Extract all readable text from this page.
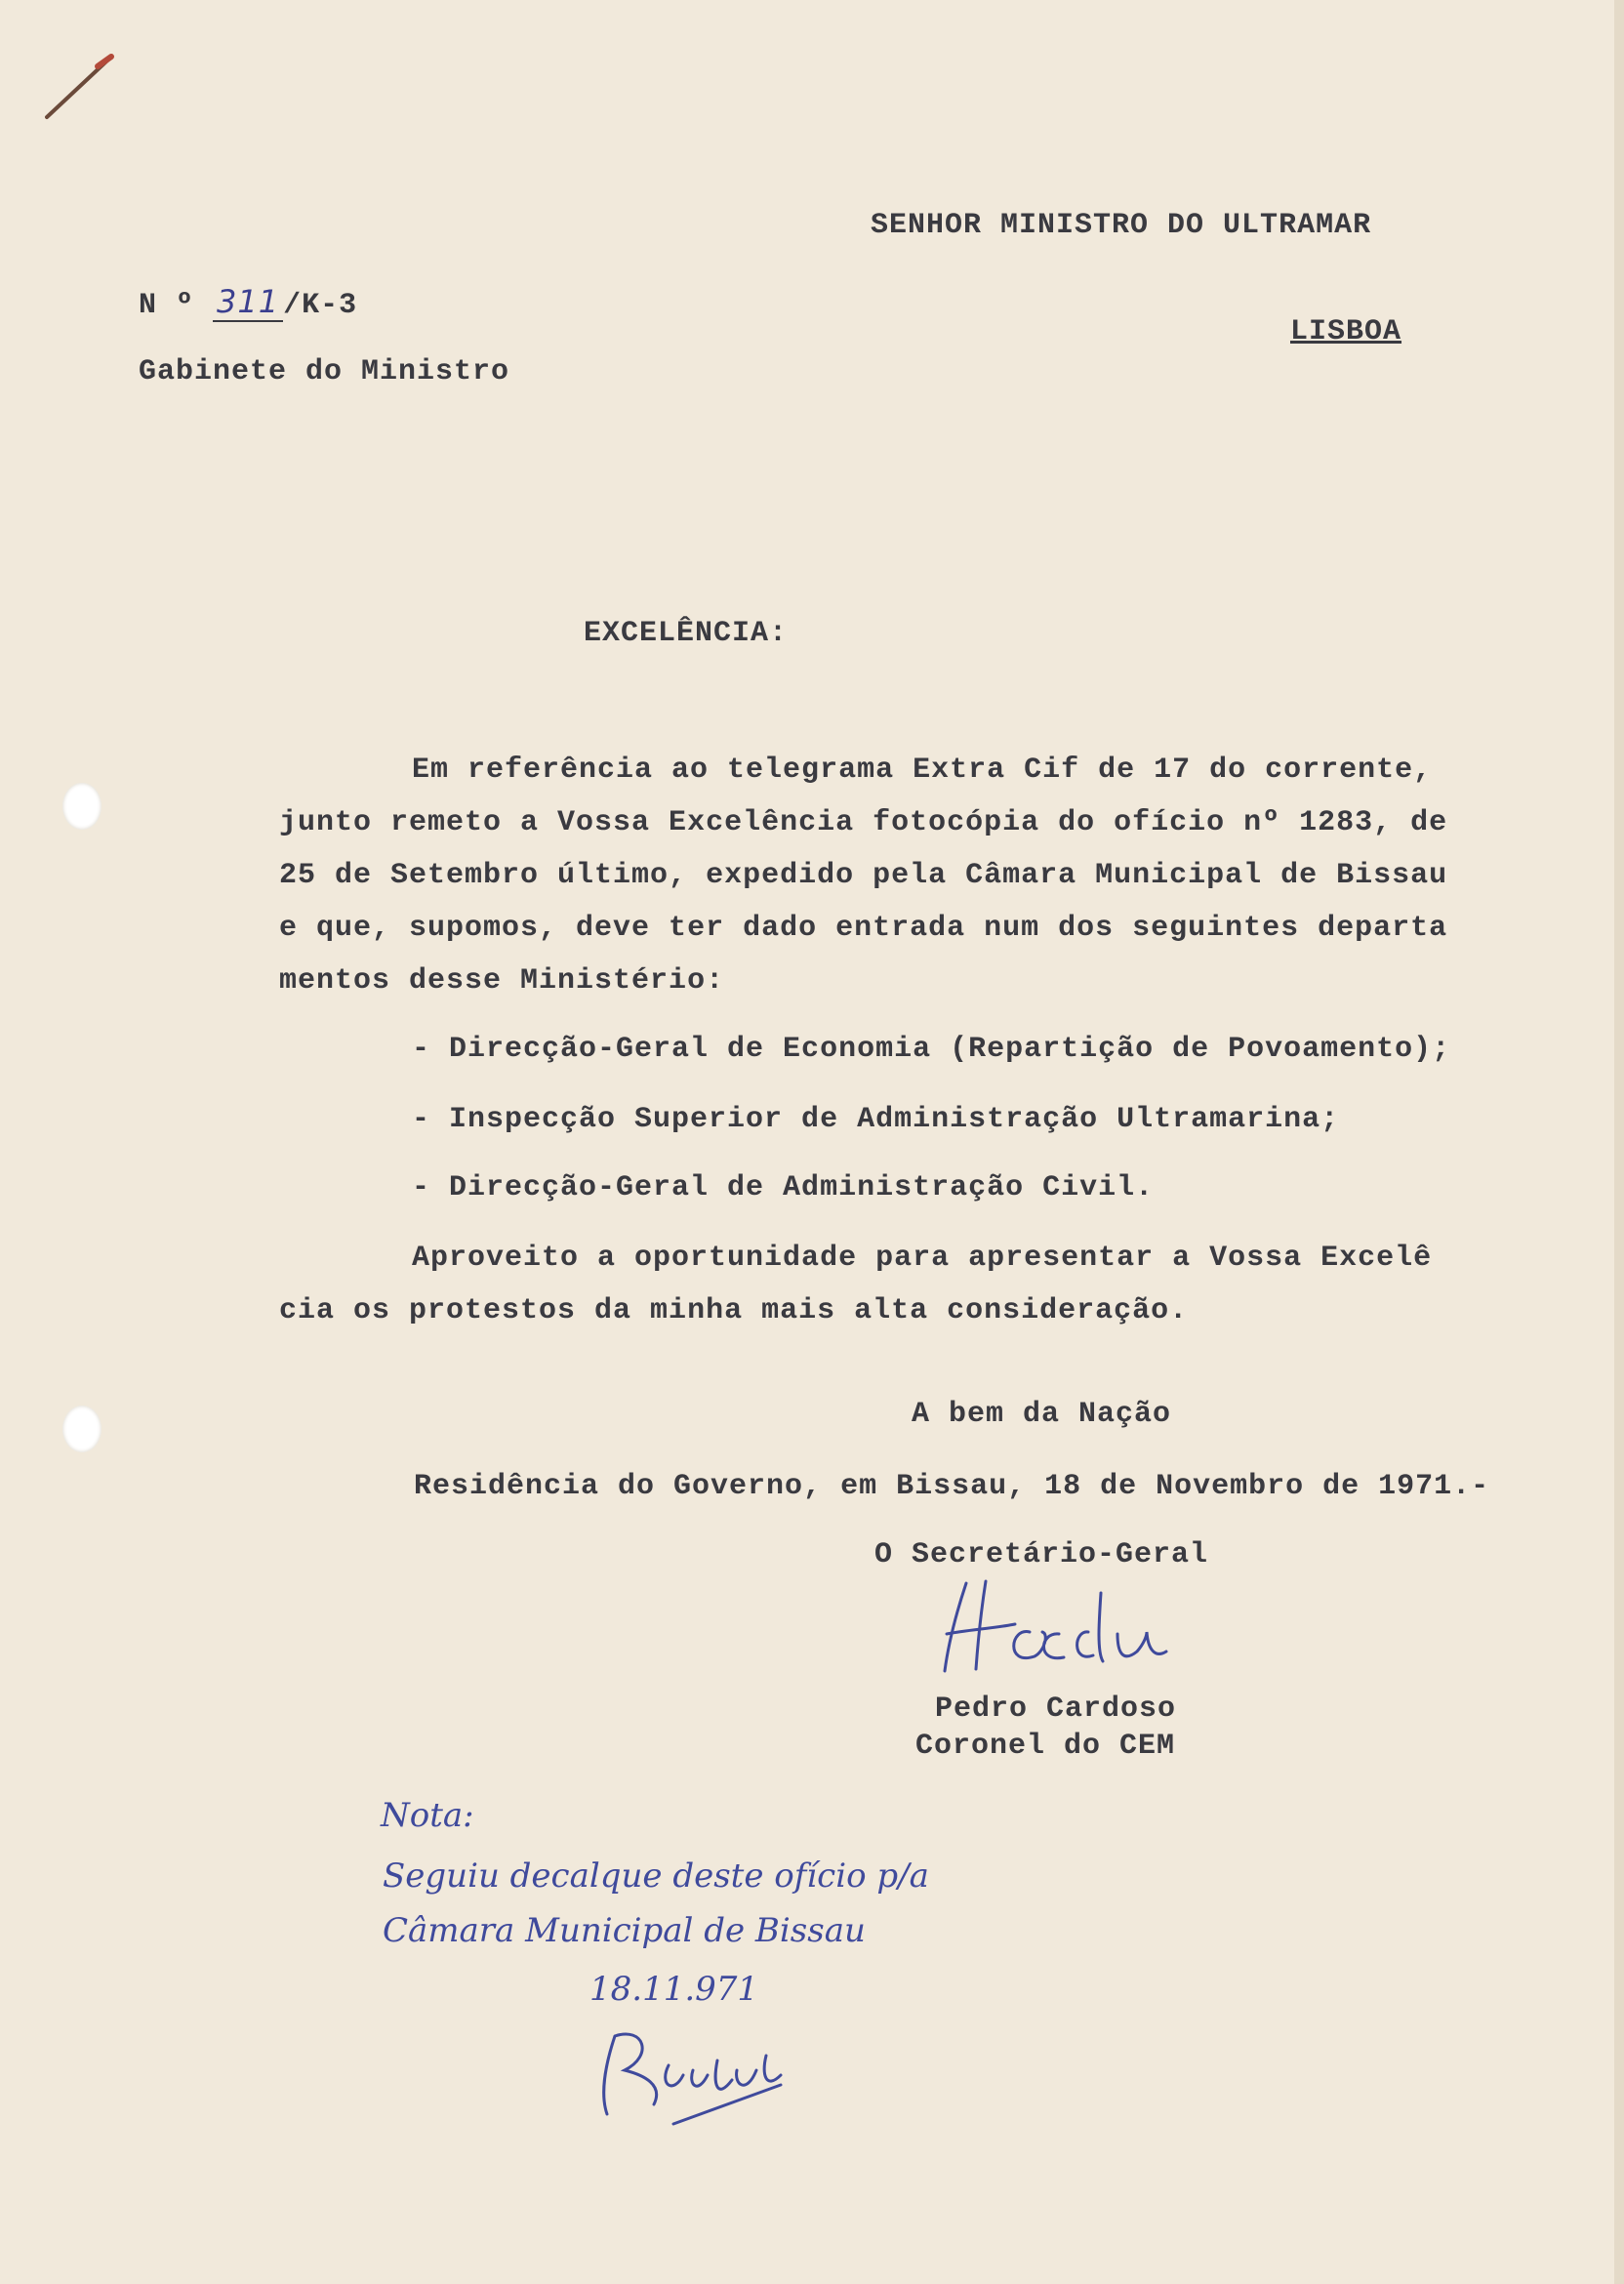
SENHOR MINISTRO DO ULTRAMAR

LISBOA

N º 311 /K-3

Gabinete do Ministro

EXCELÊNCIA:

Em referência ao telegrama Extra Cif de 17 do corrente,

junto remeto a Vossa Excelência fotocópia do ofício nº 1283, de

25 de Setembro último, expedido pela Câmara Municipal de Bissau

e que, supomos, deve ter dado entrada num dos seguintes departa

mentos desse Ministério:

- Direcção-Geral de Economia (Repartição de Povoamento);

- Inspecção Superior de Administração Ultramarina;

- Direcção-Geral de Administração Civil.

Aproveito a oportunidade para apresentar a Vossa Excelê

cia os protestos da minha mais alta consideração.

A bem da Nação

Residência do Governo, em Bissau, 18 de Novembro de 1971.-

O Secretário-Geral

Pedro Cardoso

Coronel do CEM

Nota:

Seguiu decalque deste ofício p/a

Câmara Municipal de Bissau

18.11.971
